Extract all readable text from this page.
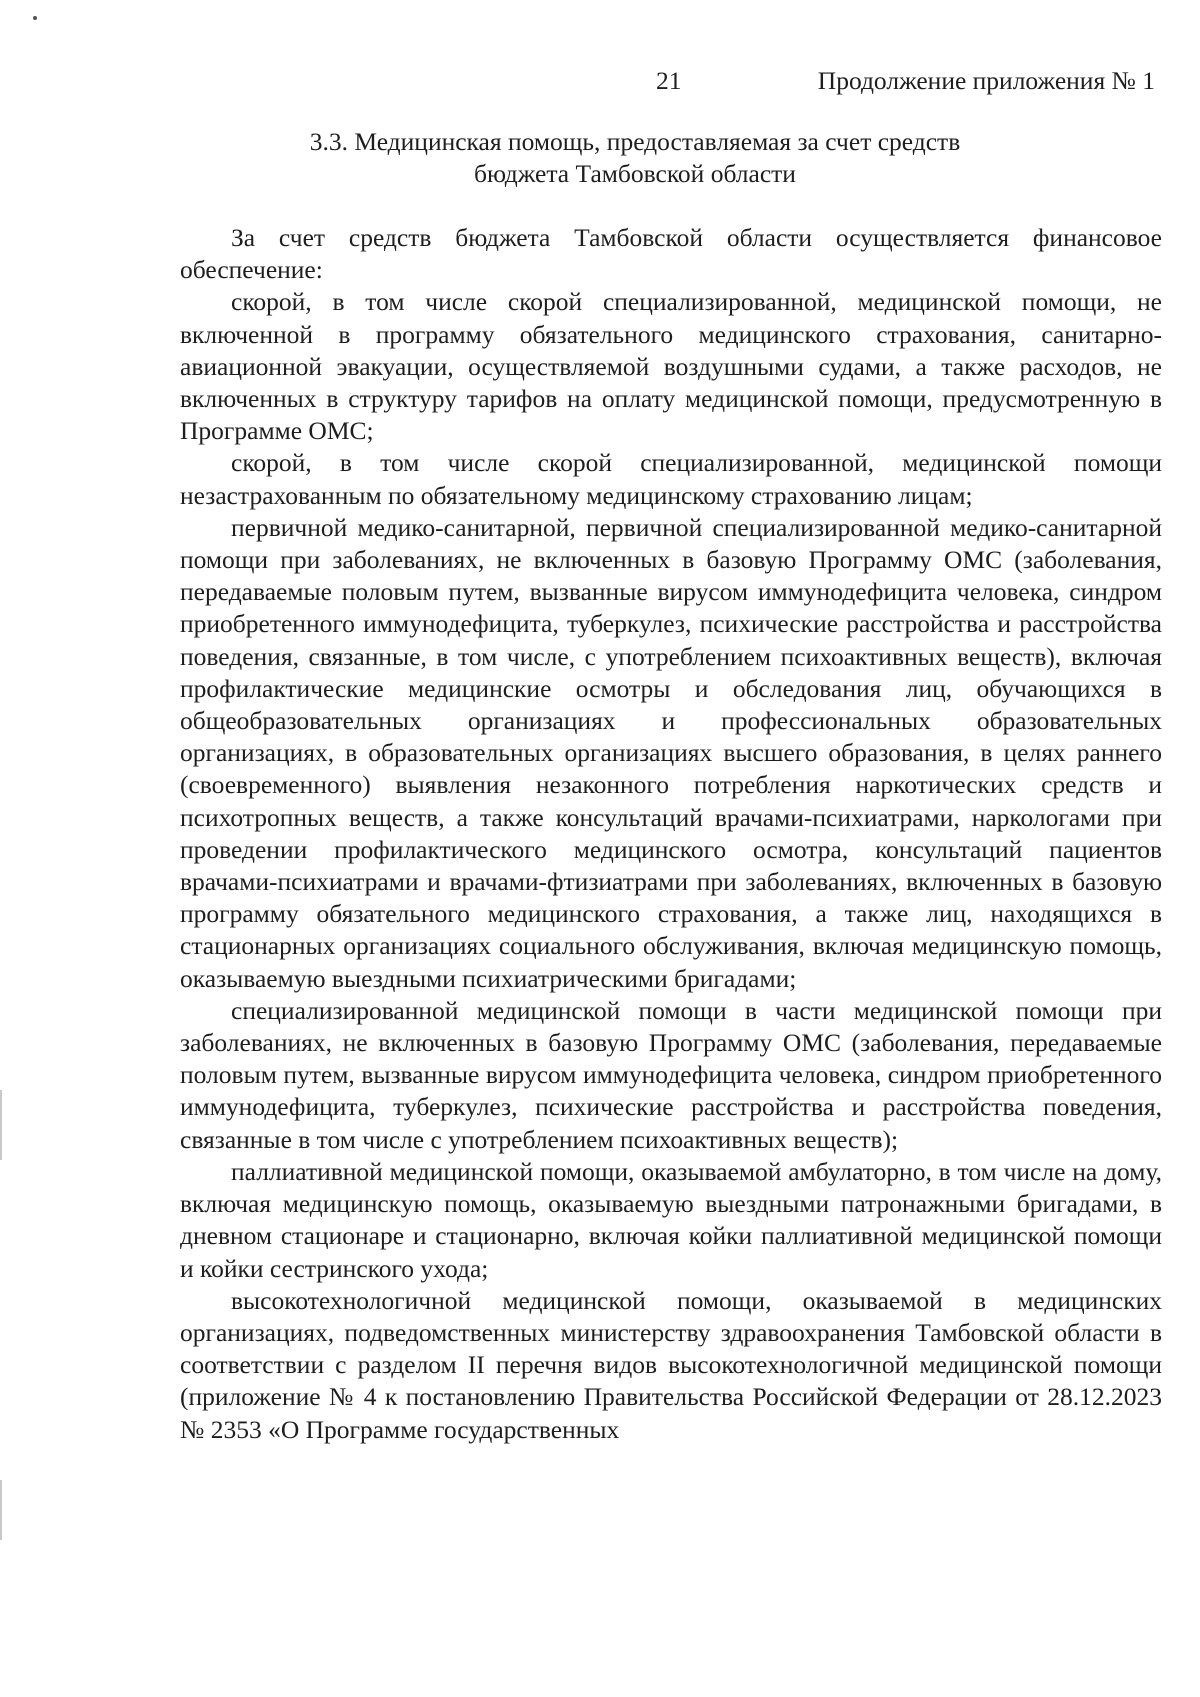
21	Продолжение приложения № 1
3.3. Медицинская помощь, предоставляемая за счет средств
бюджета Тамбовской области

За счет средств бюджета Тамбовской области осуществляется финансовое обеспечение:

скорой, в том числе скорой специализированной, медицинской помощи, не включенной в программу обязательного медицинского страхования, санитарно-авиационной эвакуации, осуществляемой воздушными судами, а также расходов, не включенных в структуру тарифов на оплату медицинской помощи, предусмотренную в Программе ОМС;

скорой, в том числе скорой специализированной, медицинской помощи незастрахованным по обязательному медицинскому страхованию лицам;

первичной медико-санитарной, первичной специализированной медико-санитарной помощи при заболеваниях, не включенных в базовую Программу ОМС (заболевания, передаваемые половым путем, вызванные вирусом иммунодефицита человека, синдром приобретенного иммунодефицита, туберкулез, психические расстройства и расстройства поведения, связанные, в том числе, с употреблением психоактивных веществ), включая профилактические медицинские осмотры и обследования лиц, обучающихся в общеобразовательных организациях и профессиональных образовательных организациях, в образовательных организациях высшего образования, в целях раннего (своевременного) выявления незаконного потребления наркотических средств и психотропных веществ, а также консультаций врачами-психиатрами, наркологами при проведении профилактического медицинского осмотра, консультаций пациентов врачами-психиатрами и врачами-фтизиатрами при заболеваниях, включенных в базовую программу обязательного медицинского страхования, а также лиц, находящихся в стационарных организациях социального обслуживания, включая медицинскую помощь, оказываемую выездными психиатрическими бригадами;

специализированной медицинской помощи в части медицинской помощи при заболеваниях, не включенных в базовую Программу ОМС (заболевания, передаваемые половым путем, вызванные вирусом иммунодефицита человека, синдром приобретенного иммунодефицита, туберкулез, психические расстройства и расстройства поведения, связанные в том числе с употреблением психоактивных веществ);

паллиативной медицинской помощи, оказываемой амбулаторно, в том числе на дому, включая медицинскую помощь, оказываемую выездными патронажными бригадами, в дневном стационаре и стационарно, включая койки паллиативной медицинской помощи и койки сестринского ухода;

высокотехнологичной медицинской помощи, оказываемой в медицинских организациях, подведомственных министерству здравоохранения Тамбовской области в соответствии с разделом II перечня видов высокотехнологичной медицинской помощи (приложение № 4 к постановлению Правительства Российской Федерации от 28.12.2023 № 2353 «О Программе государственных
